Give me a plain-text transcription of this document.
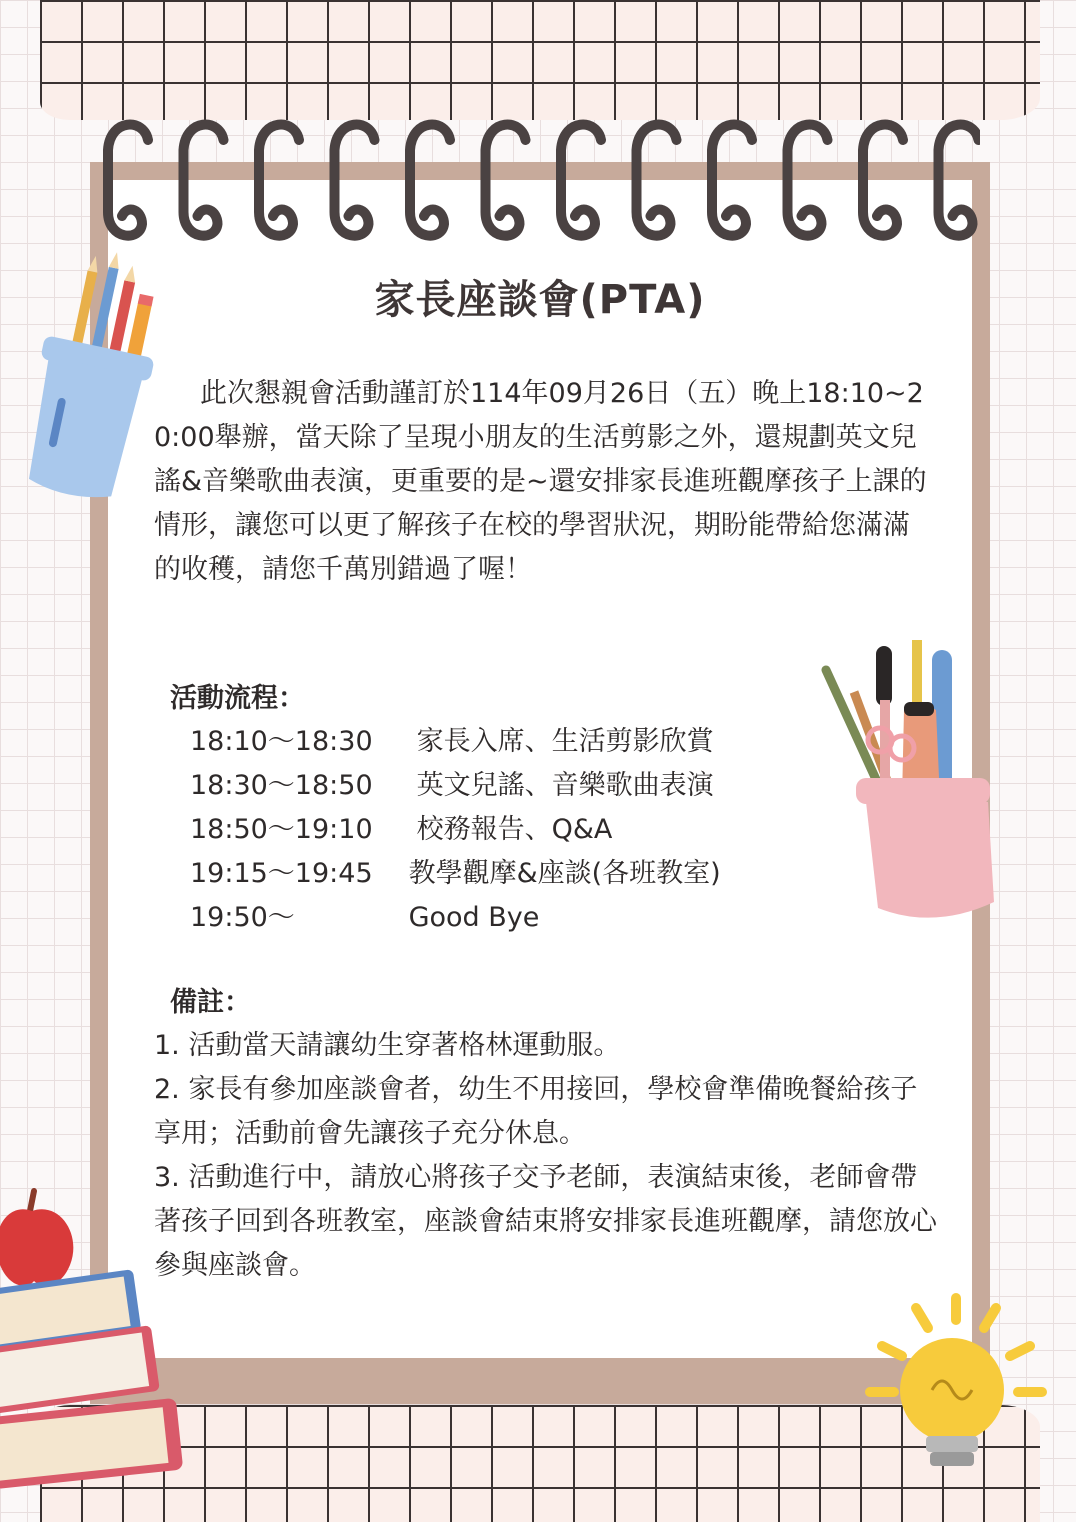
家長座談會(PTA)

此次懇親會活動謹訂於114年09月26日（五）晚上18:10~20:00舉辦，當天除了呈現小朋友的生活剪影之外，還規劃英文兒謠&音樂歌曲表演，更重要的是~還安排家長進班觀摩孩子上課的情形，讓您可以更了解孩子在校的學習狀況，期盼能帶給您滿滿的收穫，請您千萬別錯過了喔！

活動流程：
18:10～18:30 家長入席、生活剪影欣賞
18:30～18:50 英文兒謠、音樂歌曲表演
18:50～19:10 校務報告、Q&A
19:15～19:45 教學觀摩&座談(各班教室)
19:50～	Good Bye
備註：

1. 活動當天請讓幼生穿著格林運動服。

2. 家長有參加座談會者，幼生不用接回，學校會準備晚餐給孩子享用；活動前會先讓孩子充分休息。

3. 活動進行中，請放心將孩子交予老師，表演結束後，老師會帶著孩子回到各班教室，座談會結束將安排家長進班觀摩，請您放心參與座談會。
